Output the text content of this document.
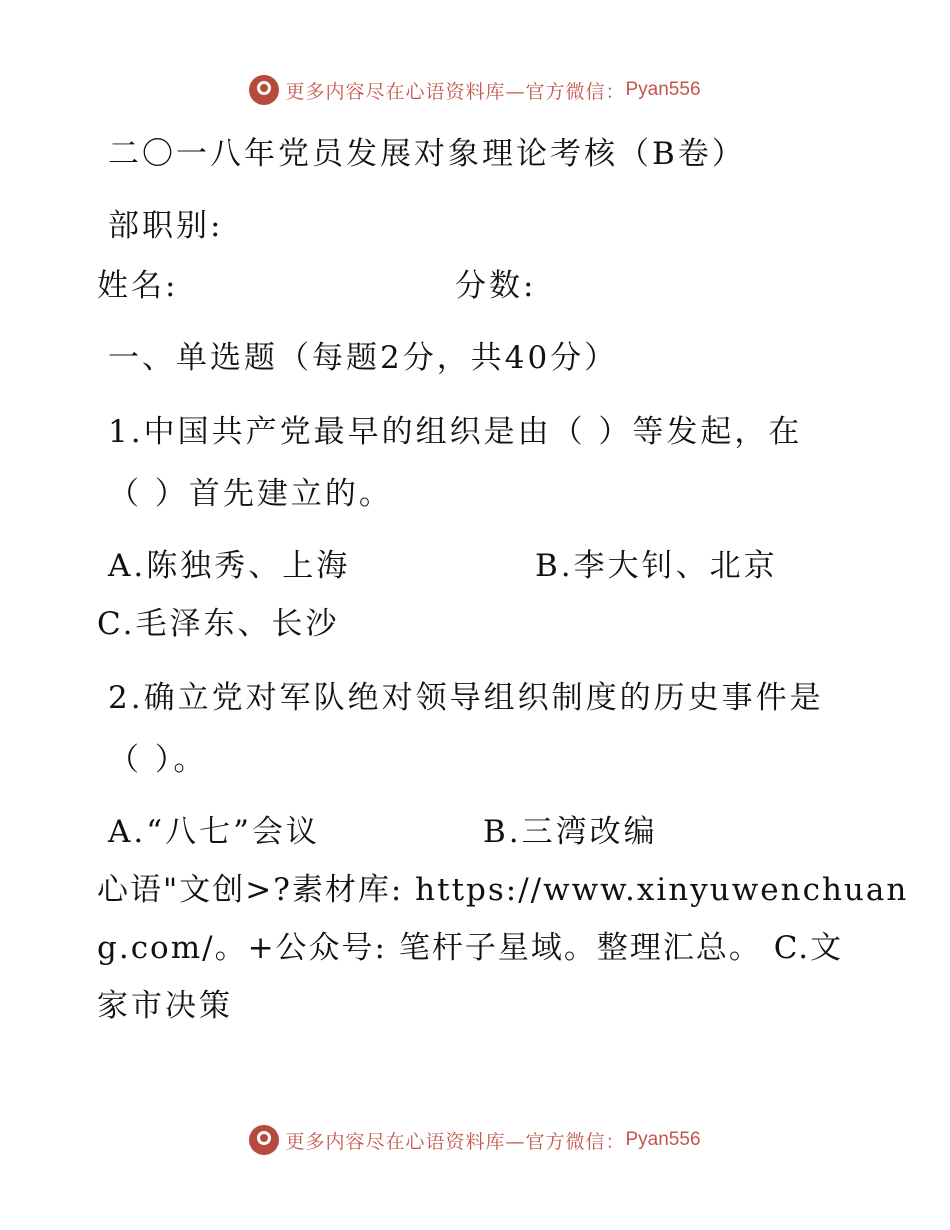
更多内容尽在心语资料库—官方微信： Pyan556
二〇一八年党员发展对象理论考核（B卷）
部职别:
姓名:	分数:
一、单选题（每题2分，共40分）
1.中国共产党最早的组织是由（ ）等发起，在
（ ）首先建立的。
A.陈独秀、上海	B.李大钊、北京
C.毛泽东、长沙
2.确立党对军队绝对领导组织制度的历史事件是
（ ）。
A.“八七”会议	B.三湾改编
心语"文创>?素材库: https://www.xinyuwenchuan
g.com/。+公众号: 笔杆子星域。整理汇总。 C.文
家市决策
更多内容尽在心语资料库—官方微信： Pyan556
